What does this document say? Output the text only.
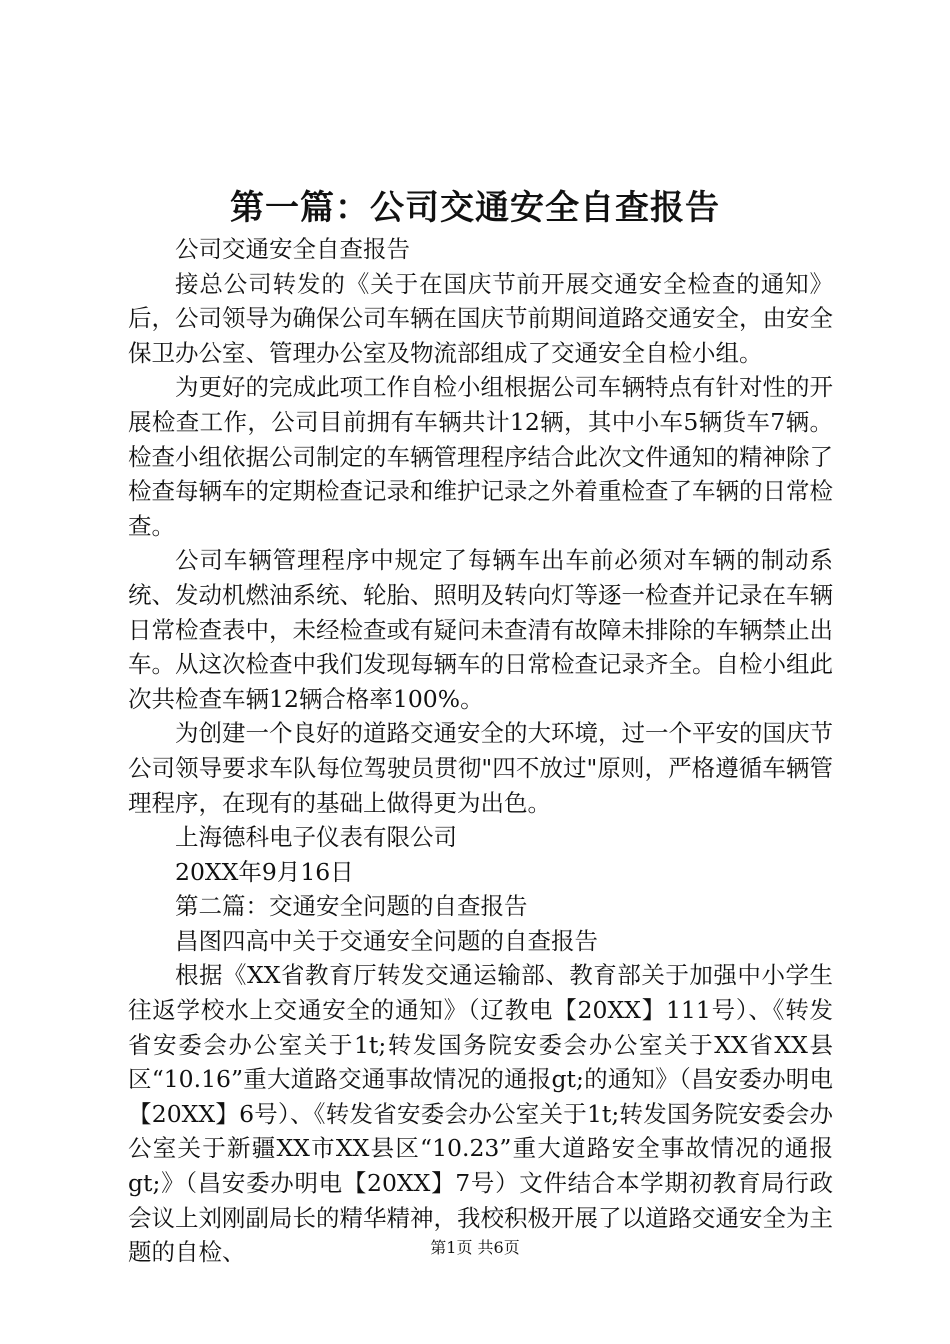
第一篇：公司交通安全自查报告

公司交通安全自查报告

接总公司转发的《关于在国庆节前开展交通安全检查的通知》后，公司领导为确保公司车辆在国庆节前期间道路交通安全，由安全保卫办公室、管理办公室及物流部组成了交通安全自检小组。

为更好的完成此项工作自检小组根据公司车辆特点有针对性的开展检查工作，公司目前拥有车辆共计12辆，其中小车5辆货车7辆。检查小组依据公司制定的车辆管理程序结合此次文件通知的精神除了检查每辆车的定期检查记录和维护记录之外着重检查了车辆的日常检查。

公司车辆管理程序中规定了每辆车出车前必须对车辆的制动系统、发动机燃油系统、轮胎、照明及转向灯等逐一检查并记录在车辆日常检查表中，未经检查或有疑问未查清有故障未排除的车辆禁止出车。从这次检查中我们发现每辆车的日常检查记录齐全。自检小组此次共检查车辆12辆合格率100%。

为创建一个良好的道路交通安全的大环境，过一个平安的国庆节公司领导要求车队每位驾驶员贯彻"四不放过"原则，严格遵循车辆管理程序，在现有的基础上做得更为出色。

上海德科电子仪表有限公司

20XX年9月16日

第二篇：交通安全问题的自查报告

昌图四高中关于交通安全问题的自查报告

根据《XX省教育厅转发交通运输部、教育部关于加强中小学生往返学校水上交通安全的通知》（辽教电【20XX】111号）、《转发省安委会办公室关于1t;转发国务院安委会办公室关于XX省XX县区“10.16”重大道路交通事故情况的通报gt;的通知》（昌安委办明电【20XX】6号）、《转发省安委会办公室关于1t;转发国务院安委会办公室关于新疆XX市XX县区“10.23”重大道路安全事故情况的通报gt;》（昌安委办明电【20XX】7号）文件结合本学期初教育局行政会议上刘刚副局长的精华精神，我校积极开展了以道路交通安全为主题的自检、	第1页 共6页
